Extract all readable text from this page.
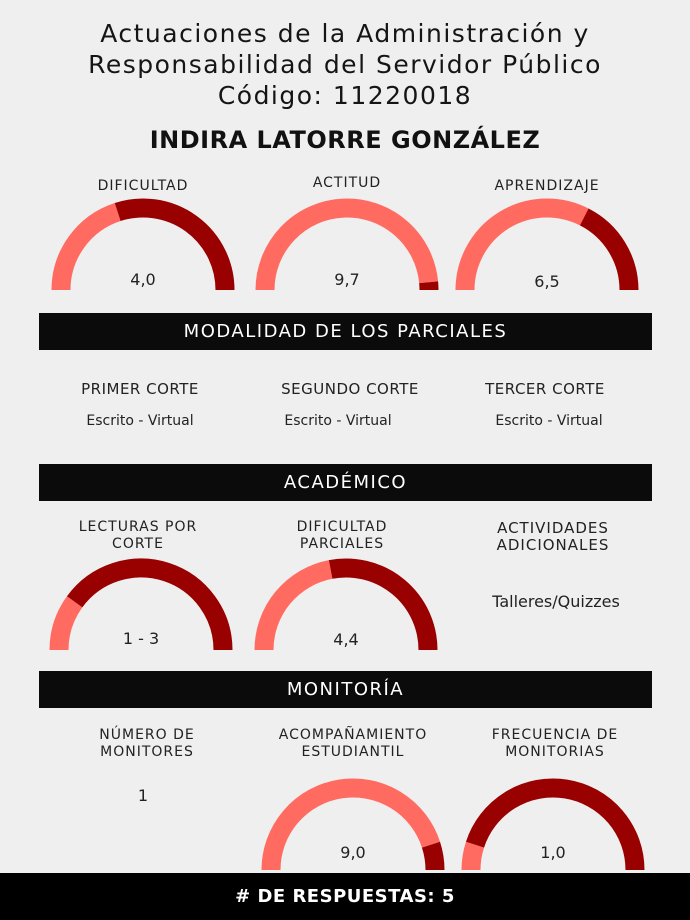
Actuaciones de la Administración y
Responsabilidad del Servidor Público
Código: 11220018
INDIRA LATORRE GONZÁLEZ
DIFICULTAD
4,0
ACTITUD
9,7
APRENDIZAJE
6,5
MODALIDAD DE LOS PARCIALES
PRIMER CORTE
Escrito - Virtual
SEGUNDO CORTE
Escrito - Virtual
TERCER CORTE
Escrito - Virtual
ACADÉMICO
LECTURAS POR
CORTE
1 - 3
DIFICULTAD
PARCIALES
4,4
ACTIVIDADES
ADICIONALES
Talleres/Quizzes
MONITORÍA
NÚMERO DE
MONITORES
1
ACOMPAÑAMIENTO
ESTUDIANTIL
9,0
FRECUENCIA DE
MONITORIAS
1,0
# DE RESPUESTAS: 5
